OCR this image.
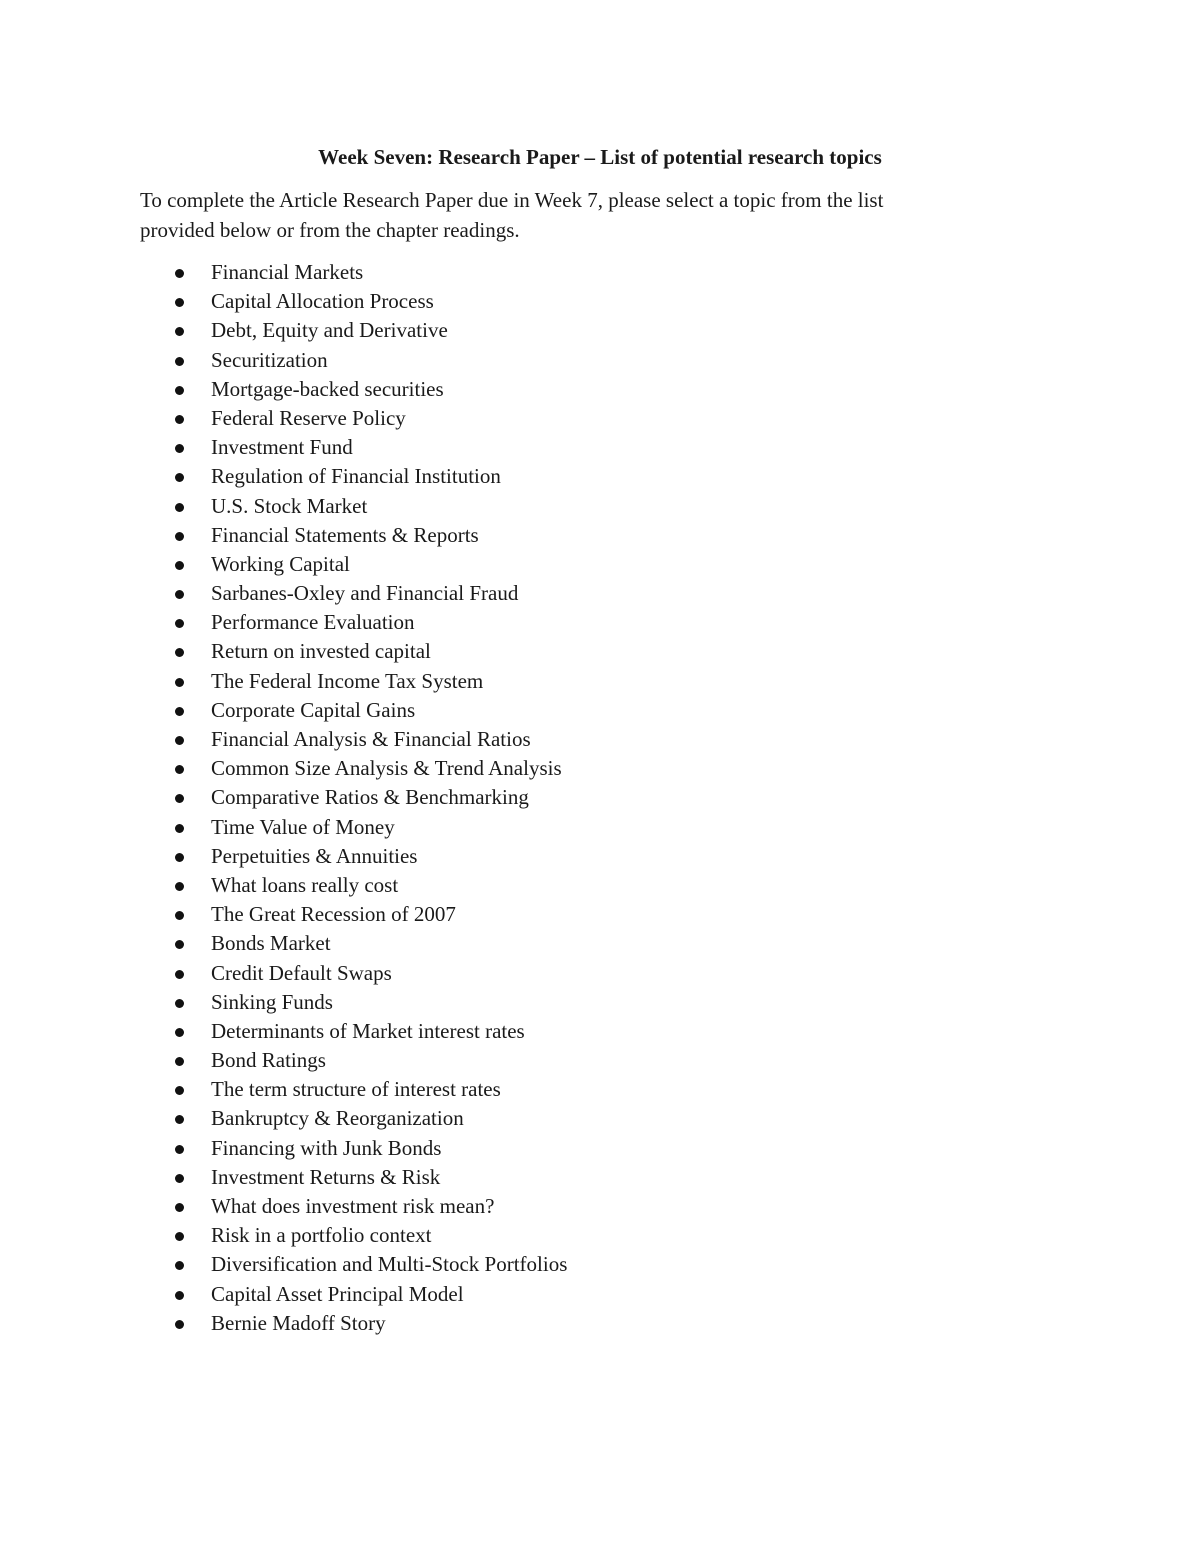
Week Seven: Research Paper – List of potential research topics

To complete the Article Research Paper due in Week 7, please select a topic from the list
provided below or from the chapter readings.

Financial Markets
Capital Allocation Process
Debt, Equity and Derivative
Securitization
Mortgage-backed securities
Federal Reserve Policy
Investment Fund
Regulation of Financial Institution
U.S. Stock Market
Financial Statements & Reports
Working Capital
Sarbanes-Oxley and Financial Fraud
Performance Evaluation
Return on invested capital
The Federal Income Tax System
Corporate Capital Gains
Financial Analysis & Financial Ratios
Common Size Analysis & Trend Analysis
Comparative Ratios & Benchmarking
Time Value of Money
Perpetuities & Annuities
What loans really cost
The Great Recession of 2007
Bonds Market
Credit Default Swaps
Sinking Funds
Determinants of Market interest rates
Bond Ratings
The term structure of interest rates
Bankruptcy & Reorganization
Financing with Junk Bonds
Investment Returns & Risk
What does investment risk mean?
Risk in a portfolio context
Diversification and Multi-Stock Portfolios
Capital Asset Principal Model
Bernie Madoff Story
